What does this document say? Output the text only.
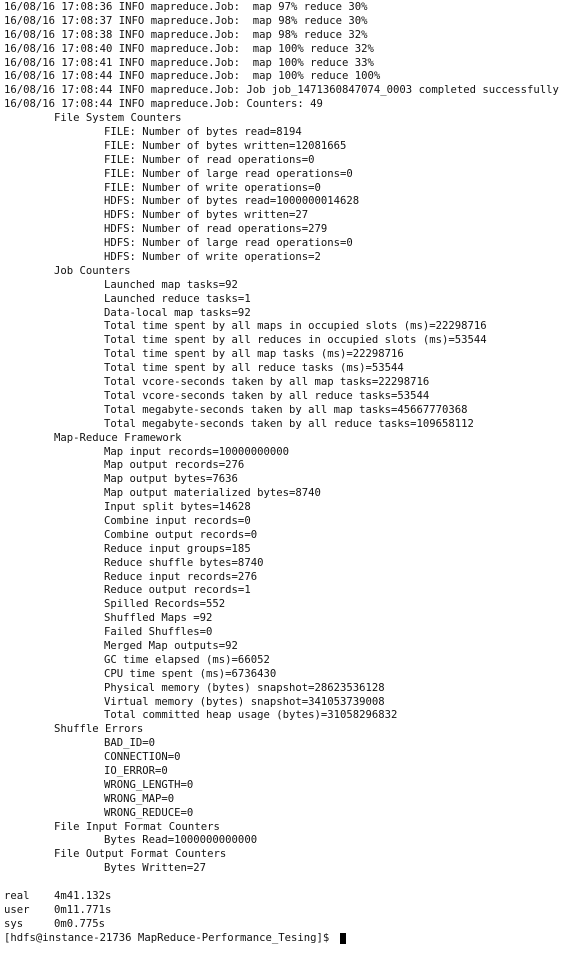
16/08/16 17:08:36 INFO mapreduce.Job:  map 97% reduce 30%
16/08/16 17:08:37 INFO mapreduce.Job:  map 98% reduce 30%
16/08/16 17:08:38 INFO mapreduce.Job:  map 98% reduce 32%
16/08/16 17:08:40 INFO mapreduce.Job:  map 100% reduce 32%
16/08/16 17:08:41 INFO mapreduce.Job:  map 100% reduce 33%
16/08/16 17:08:44 INFO mapreduce.Job:  map 100% reduce 100%
16/08/16 17:08:44 INFO mapreduce.Job: Job job_1471360847074_0003 completed successfully
16/08/16 17:08:44 INFO mapreduce.Job: Counters: 49
File System Counters
FILE: Number of bytes read=8194
FILE: Number of bytes written=12081665
FILE: Number of read operations=0
FILE: Number of large read operations=0
FILE: Number of write operations=0
HDFS: Number of bytes read=1000000014628
HDFS: Number of bytes written=27
HDFS: Number of read operations=279
HDFS: Number of large read operations=0
HDFS: Number of write operations=2
Job Counters
Launched map tasks=92
Launched reduce tasks=1
Data-local map tasks=92
Total time spent by all maps in occupied slots (ms)=22298716
Total time spent by all reduces in occupied slots (ms)=53544
Total time spent by all map tasks (ms)=22298716
Total time spent by all reduce tasks (ms)=53544
Total vcore-seconds taken by all map tasks=22298716
Total vcore-seconds taken by all reduce tasks=53544
Total megabyte-seconds taken by all map tasks=45667770368
Total megabyte-seconds taken by all reduce tasks=109658112
Map-Reduce Framework
Map input records=10000000000
Map output records=276
Map output bytes=7636
Map output materialized bytes=8740
Input split bytes=14628
Combine input records=0
Combine output records=0
Reduce input groups=185
Reduce shuffle bytes=8740
Reduce input records=276
Reduce output records=1
Spilled Records=552
Shuffled Maps =92
Failed Shuffles=0
Merged Map outputs=92
GC time elapsed (ms)=66052
CPU time spent (ms)=6736430
Physical memory (bytes) snapshot=28623536128
Virtual memory (bytes) snapshot=341053739008
Total committed heap usage (bytes)=31058296832
Shuffle Errors
BAD_ID=0
CONNECTION=0
IO_ERROR=0
WRONG_LENGTH=0
WRONG_MAP=0
WRONG_REDUCE=0
File Input Format Counters
Bytes Read=1000000000000
File Output Format Counters
Bytes Written=27
real	4m41.132s
user	0m11.771s
sys	0m0.775s
[hdfs@instance-21736 MapReduce-Performance_Tesing]$
